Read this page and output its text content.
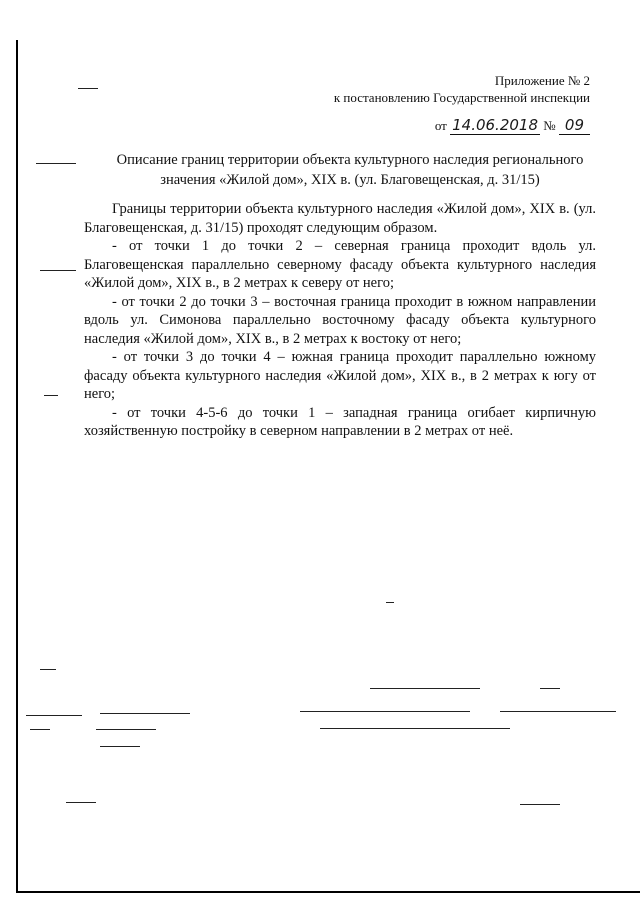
Приложение № 2
к постановлению Государственной инспекции
от 14.06.2018 № 09
Описание границ территории объекта культурного наследия регионального
значения «Жилой дом», XIX в. (ул. Благовещенская, д. 31/15)

Границы территории объекта культурного наследия «Жилой дом», XIX в. (ул. Благовещенская, д. 31/15) проходят следующим образом.

- от точки 1 до точки 2 – северная граница проходит вдоль ул. Благовещенская параллельно северному фасаду объекта культурного наследия «Жилой дом», XIX в., в 2 метрах к северу от него;

- от точки 2 до точки 3 – восточная граница проходит в южном направлении вдоль ул. Симонова параллельно восточному фасаду объекта культурного наследия «Жилой дом», XIX в., в 2 метрах к востоку от него;

- от точки 3 до точки 4 – южная граница проходит параллельно южному фасаду объекта культурного наследия «Жилой дом», XIX в., в 2 метрах к югу от него;

- от точки 4-5-6 до точки 1 – западная граница огибает кирпичную хозяйственную постройку в северном направлении в 2 метрах от неё.
